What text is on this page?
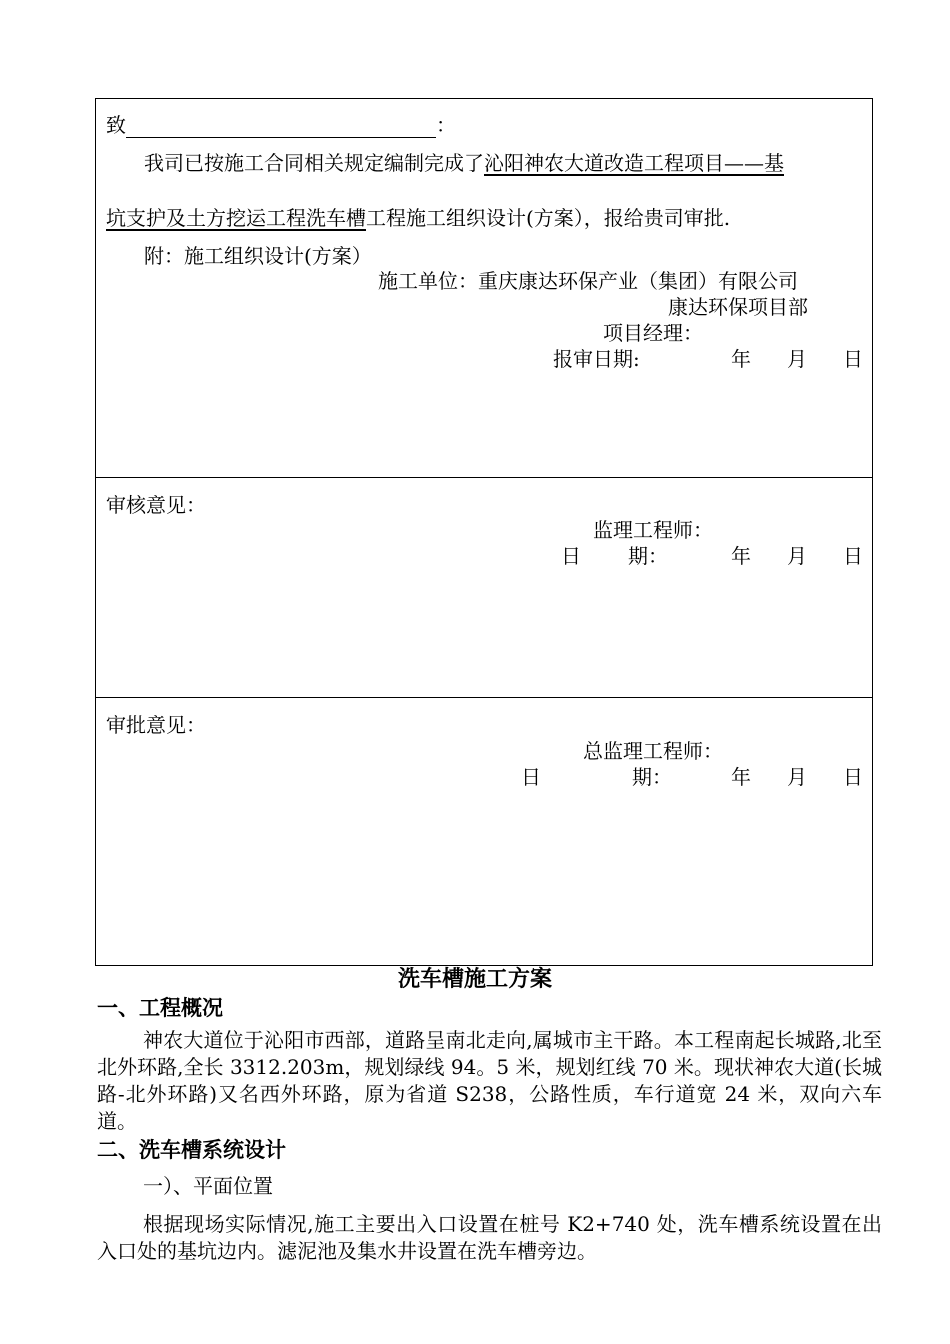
致	：
我司已按施工合同相关规定编制完成了沁阳神农大道改造工程项目——基
坑支护及土方挖运工程洗车槽工程施工组织设计(方案），报给贵司审批.
附：施工组织设计(方案）
施工单位：重庆康达环保产业（集团）有限公司
康达环保项目部
项目经理：
报审日期:	年 月 日
审核意见：
监理工程师：
日 期：	年 月 日
审批意见：
总监理工程师：
日	期：	年 月 日
洗车槽施工方案
一、工程概况
神农大道位于沁阳市西部，道路呈南北走向,属城市主干路。本工程南起长城路,北至北外环路,全长 3312.203m，规划绿线 94。5 米，规划红线 70 米。现状神农大道(长城路-北外环路)又名西外环路，原为省道 S238，公路性质，车行道宽 24 米，双向六车道。
二、洗车槽系统设计
一）、平面位置
根据现场实际情况,施工主要出入口设置在桩号 K2+740 处，洗车槽系统设置在出入口处的基坑边内。滤泥池及集水井设置在洗车槽旁边。
